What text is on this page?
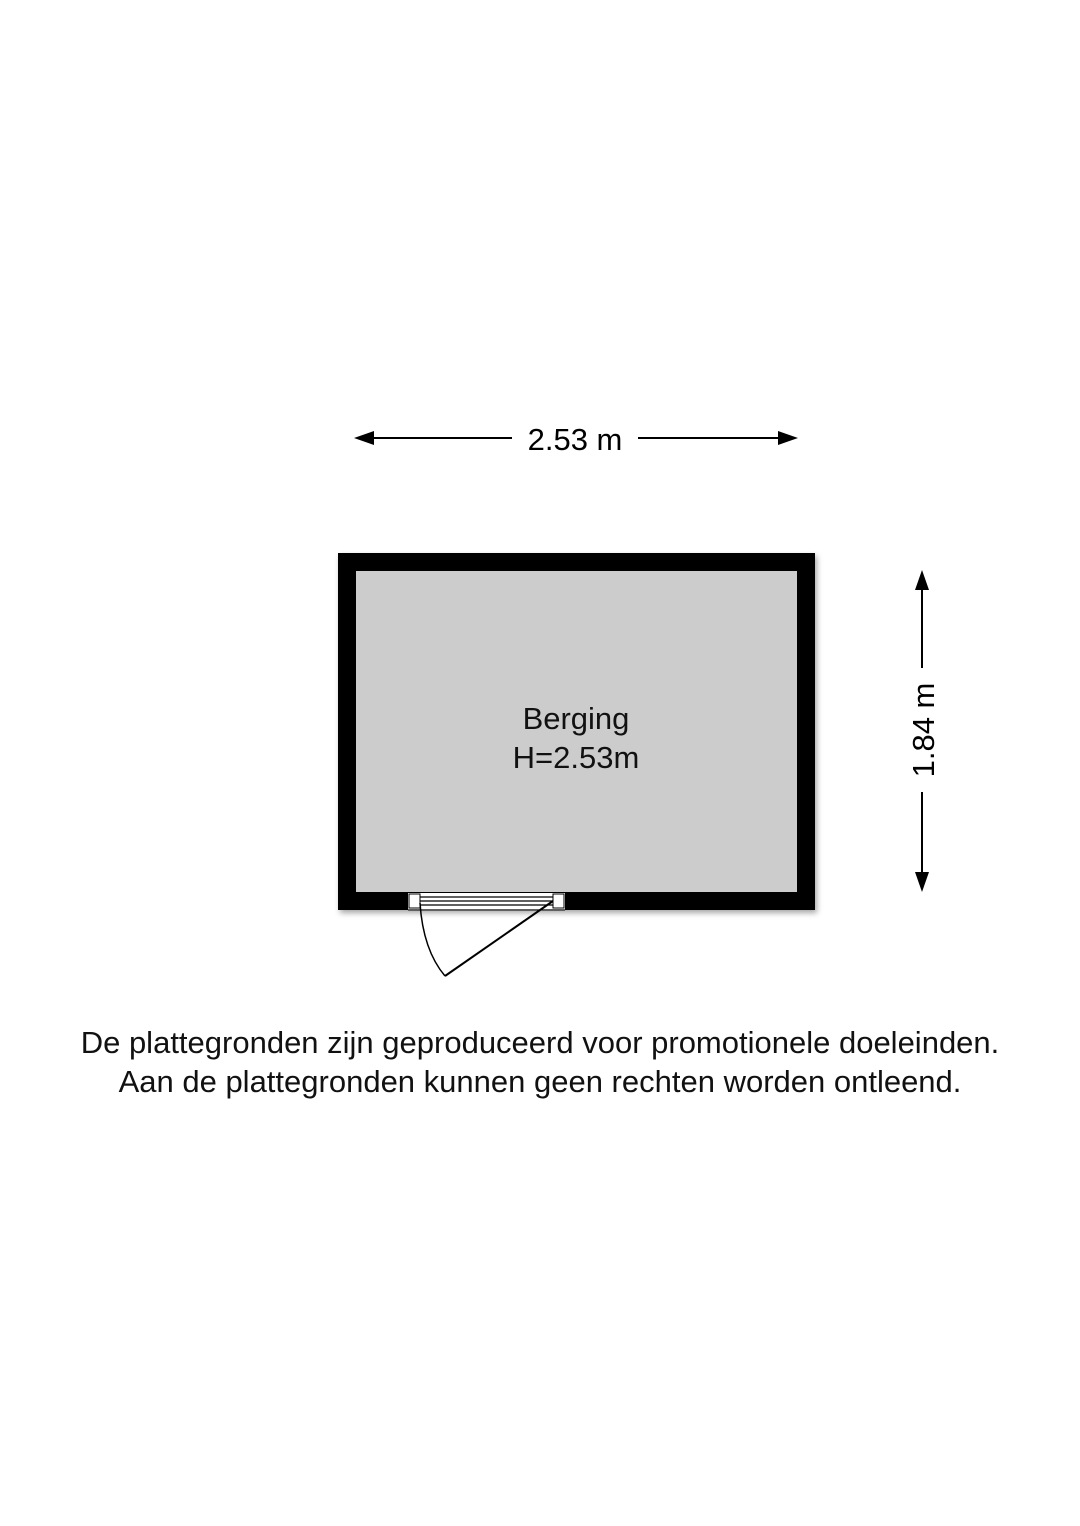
2.53 m
1.84 m
Berging
H=2.53m
De plattegronden zijn geproduceerd voor promotionele doeleinden.
Aan de plattegronden kunnen geen rechten worden ontleend.
